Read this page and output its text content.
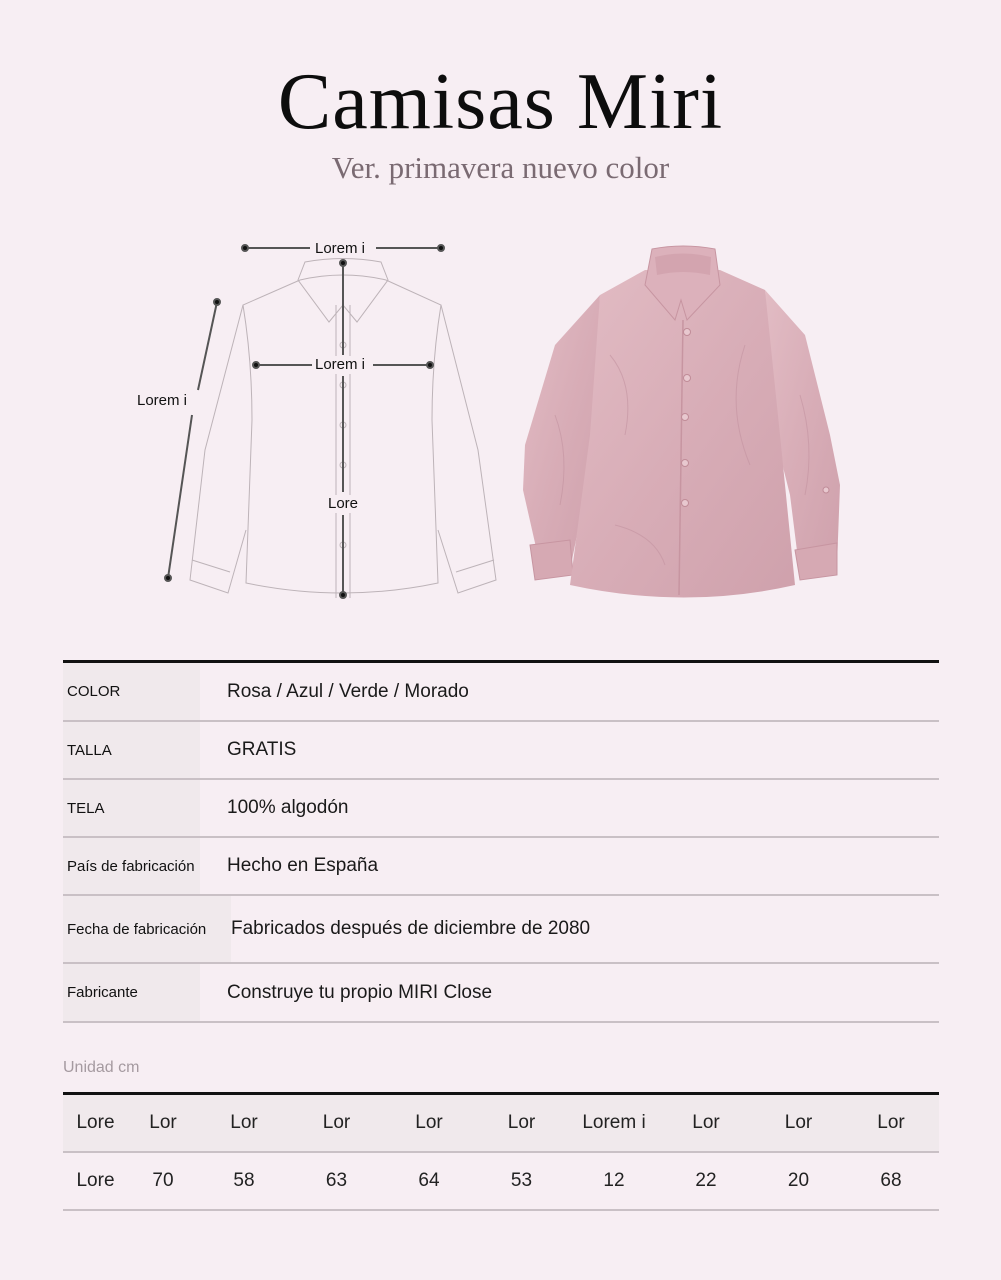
Camisas Miri
Ver. primavera nuevo color
Lorem i
Lorem i
Lorem i
Lore
COLOR	Rosa / Azul / Verde / Morado
TALLA	GRATIS
TELA	100% algodón
País de fabricación	Hecho en España
Fecha de fabricación	Fabricados después de diciembre de 2080
Fabricante	Construye tu propio MIRI Close
Unidad cm
Lore	Lor	Lor	Lor	Lor	Lor	Lorem i	Lor	Lor	Lor
Lore	70	58	63	64	53	12	22	20	68
